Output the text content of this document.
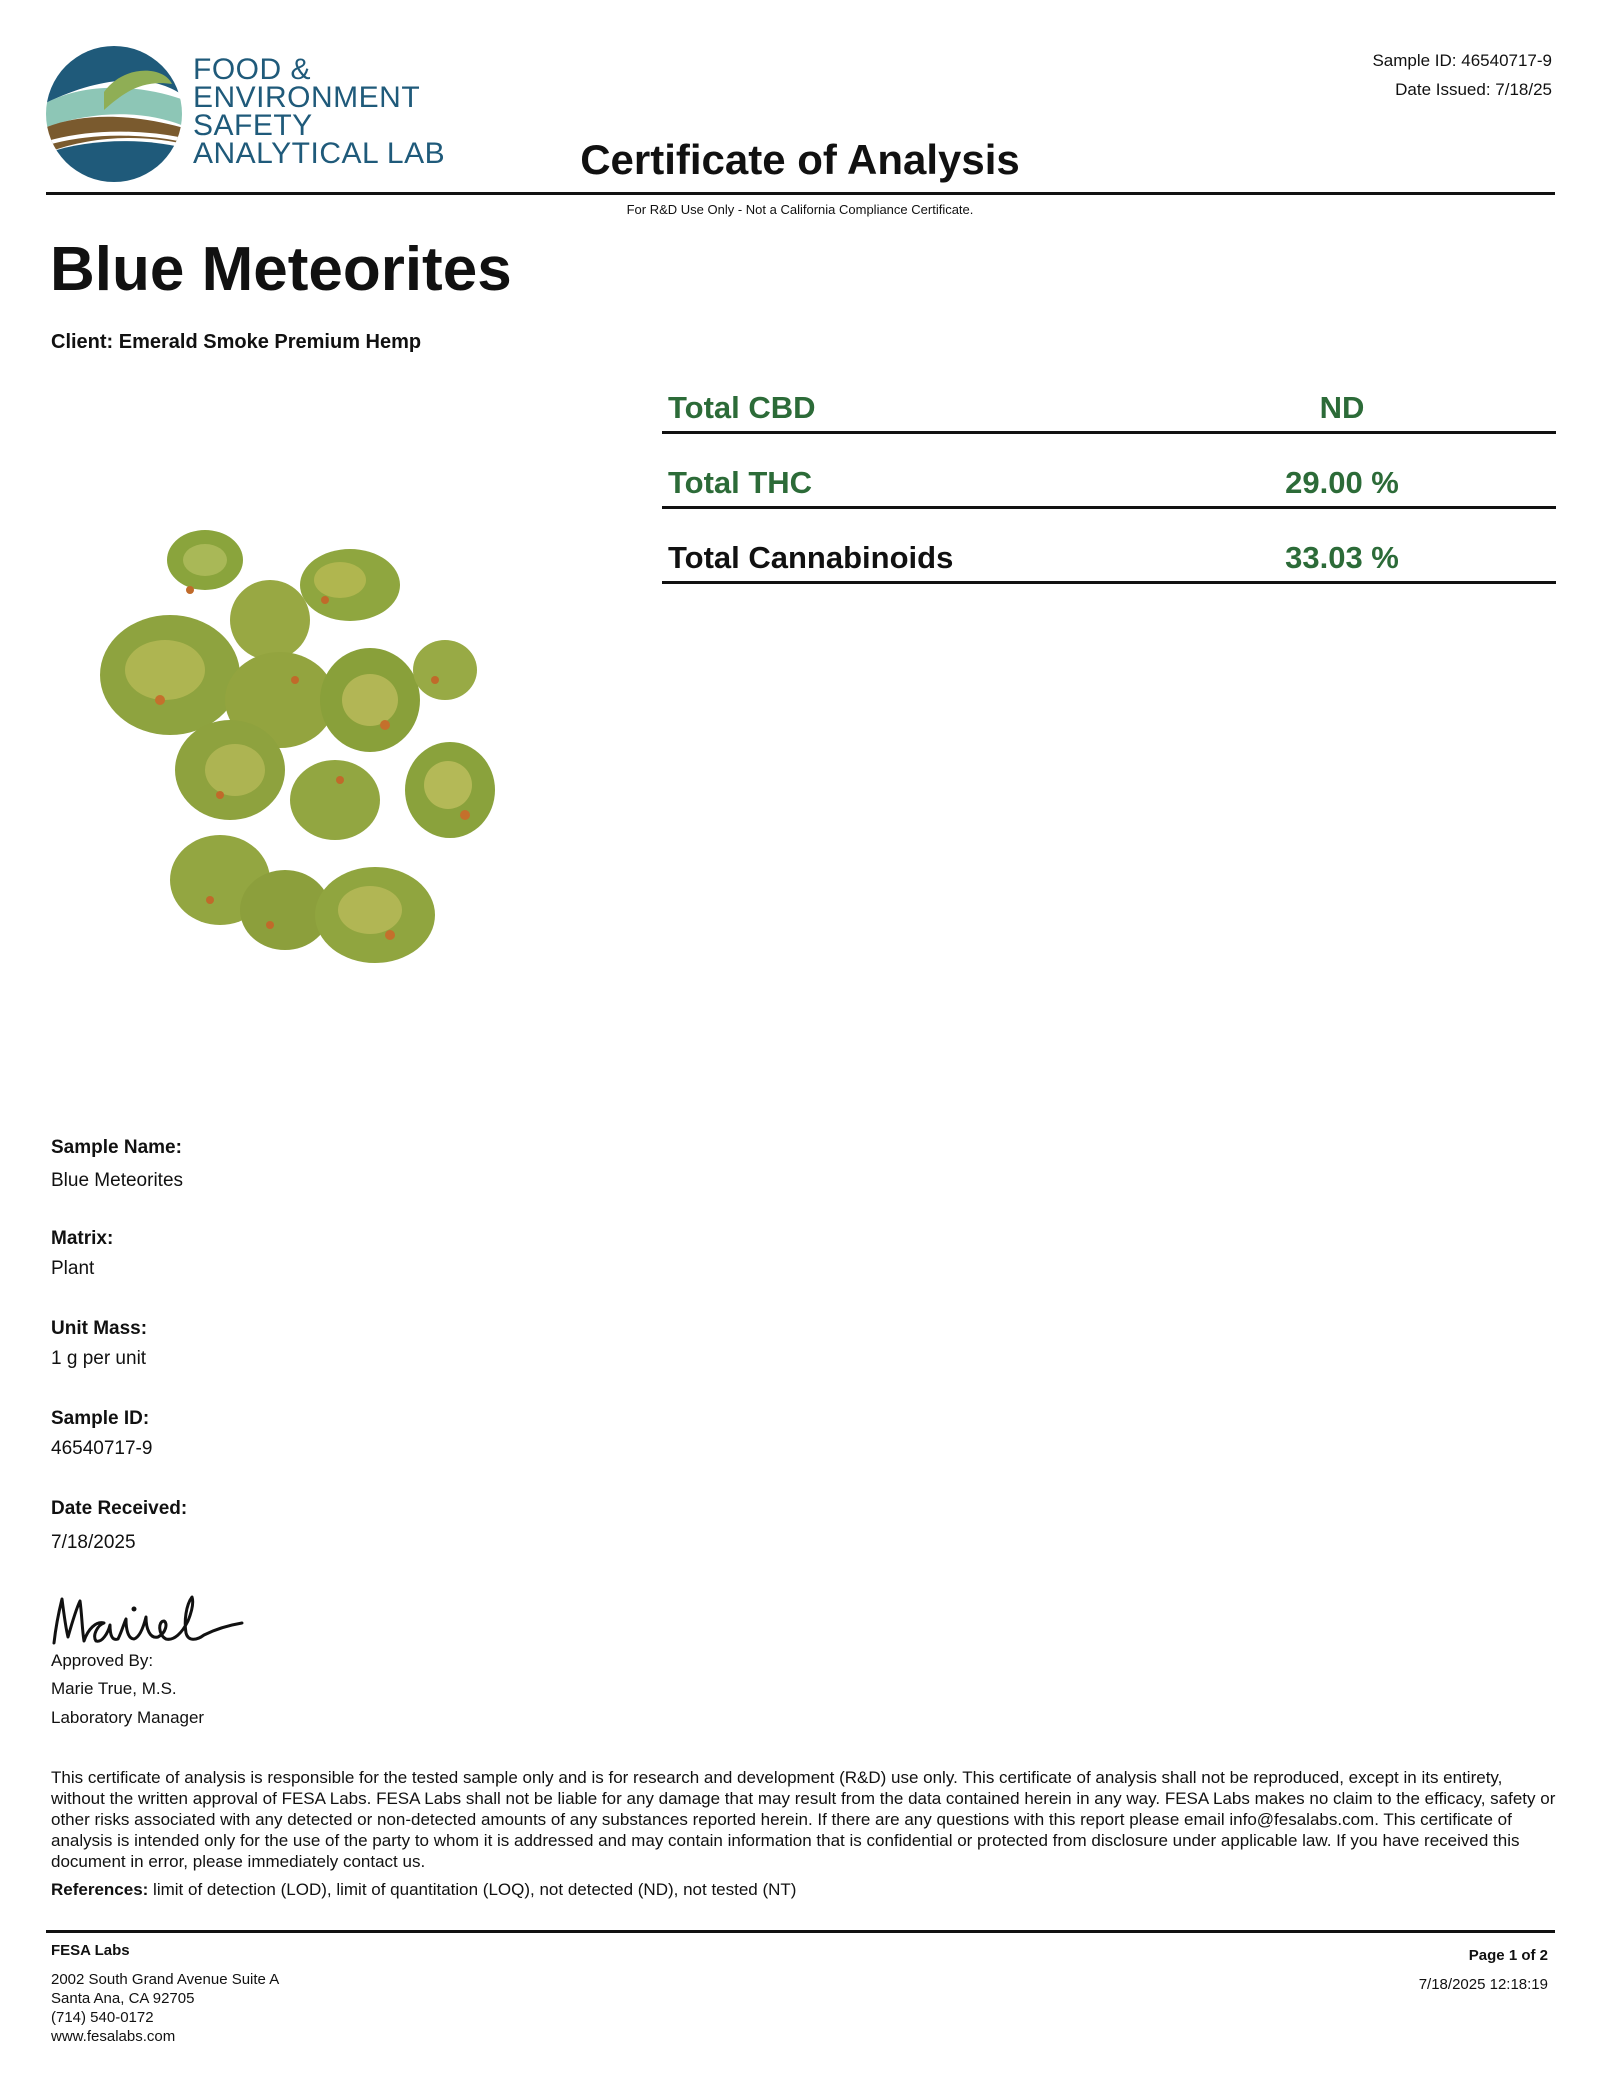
FOOD &
ENVIRONMENT
SAFETY
ANALYTICAL LAB
Sample ID: 46540717-9
Date Issued: 7/18/25
Certificate of Analysis
For R&D Use Only - Not a California Compliance Certificate.
Blue Meteorites
Client: Emerald Smoke Premium Hemp
Total CBD	ND
Total THC	29.00 %
Total Cannabinoids	33.03 %
Sample Name:
Blue Meteorites
Matrix:
Plant
Unit Mass:
1 g per unit
Sample ID:
46540717-9
Date Received:
7/18/2025
Approved By:
Marie True, M.S.
Laboratory Manager
This certificate of analysis is responsible for the tested sample only and is for research and development (R&D) use only. This certificate of analysis shall not be reproduced, except in its entirety, without the written approval of FESA Labs. FESA Labs shall not be liable for any damage that may result from the data contained herein in any way. FESA Labs makes no claim to the efficacy, safety or other risks associated with any detected or non-detected amounts of any substances reported herein. If there are any questions with this report please email info@fesalabs.com. This certificate of analysis is intended only for the use of the party to whom it is addressed and may contain information that is confidential or protected from disclosure under applicable law. If you have received this document in error, please immediately contact us.
References: limit of detection (LOD), limit of quantitation (LOQ), not detected (ND), not tested (NT)
FESA Labs
2002 South Grand Avenue Suite A
Santa Ana, CA 92705
(714) 540-0172
www.fesalabs.com
Page 1 of 2
7/18/2025 12:18:19
